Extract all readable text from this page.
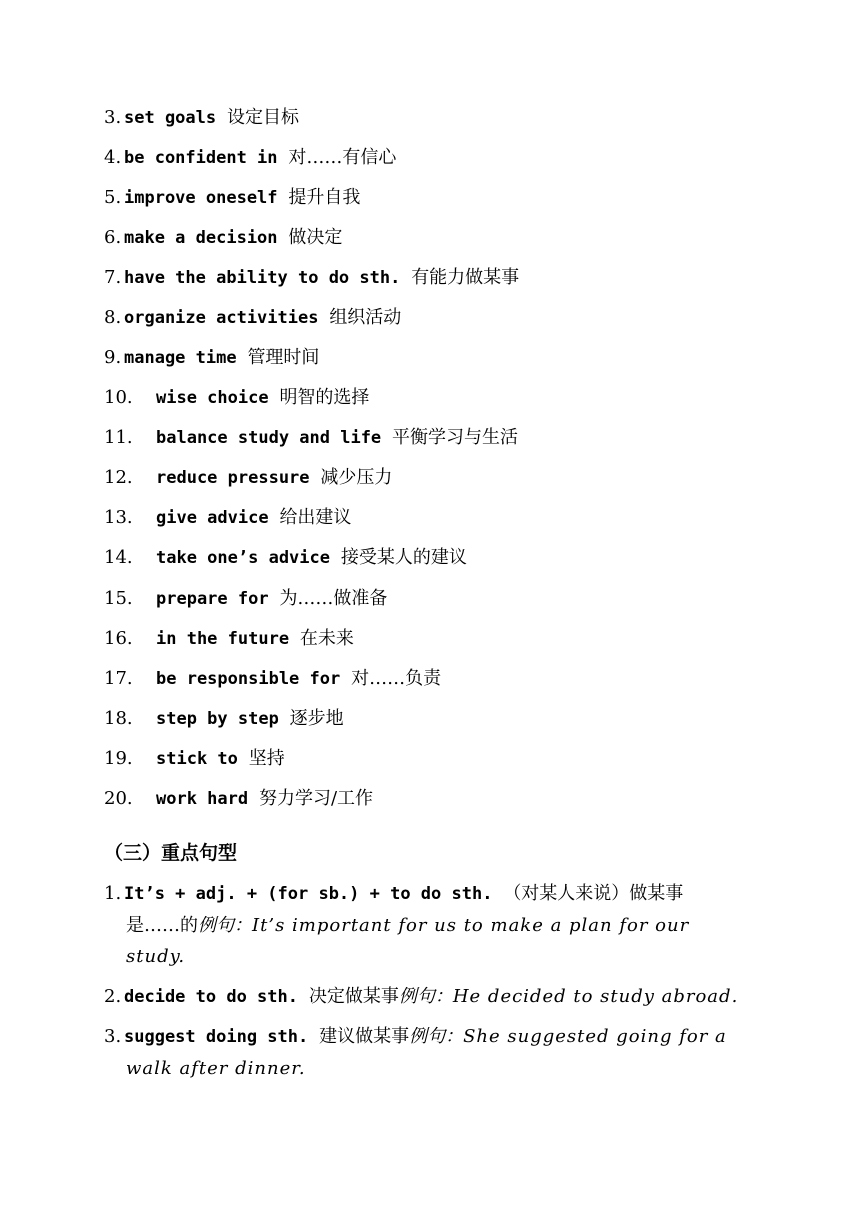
3. set goals 设定目标
4. be confident in 对……有信心
5. improve oneself 提升自我
6. make a decision 做决定
7. have the ability to do sth. 有能力做某事
8. organize activities 组织活动
9. manage time 管理时间
10. wise choice 明智的选择
11. balance study and life 平衡学习与生活
12. reduce pressure 减少压力
13. give advice 给出建议
14. take one’s advice 接受某人的建议
15. prepare for 为……做准备
16. in the future 在未来
17. be responsible for 对……负责
18. step by step 逐步地
19. stick to 坚持
20. work hard 努力学习/工作
（三）重点句型
1. It’s + adj. + (for sb.) + to do sth. （对某人来说）做某事
是……的例句：It’s important for us to make a plan for our
study.
2. decide to do sth. 决定做某事例句：He decided to study abroad.
3. suggest doing sth. 建议做某事例句：She suggested going for a
walk after dinner.
